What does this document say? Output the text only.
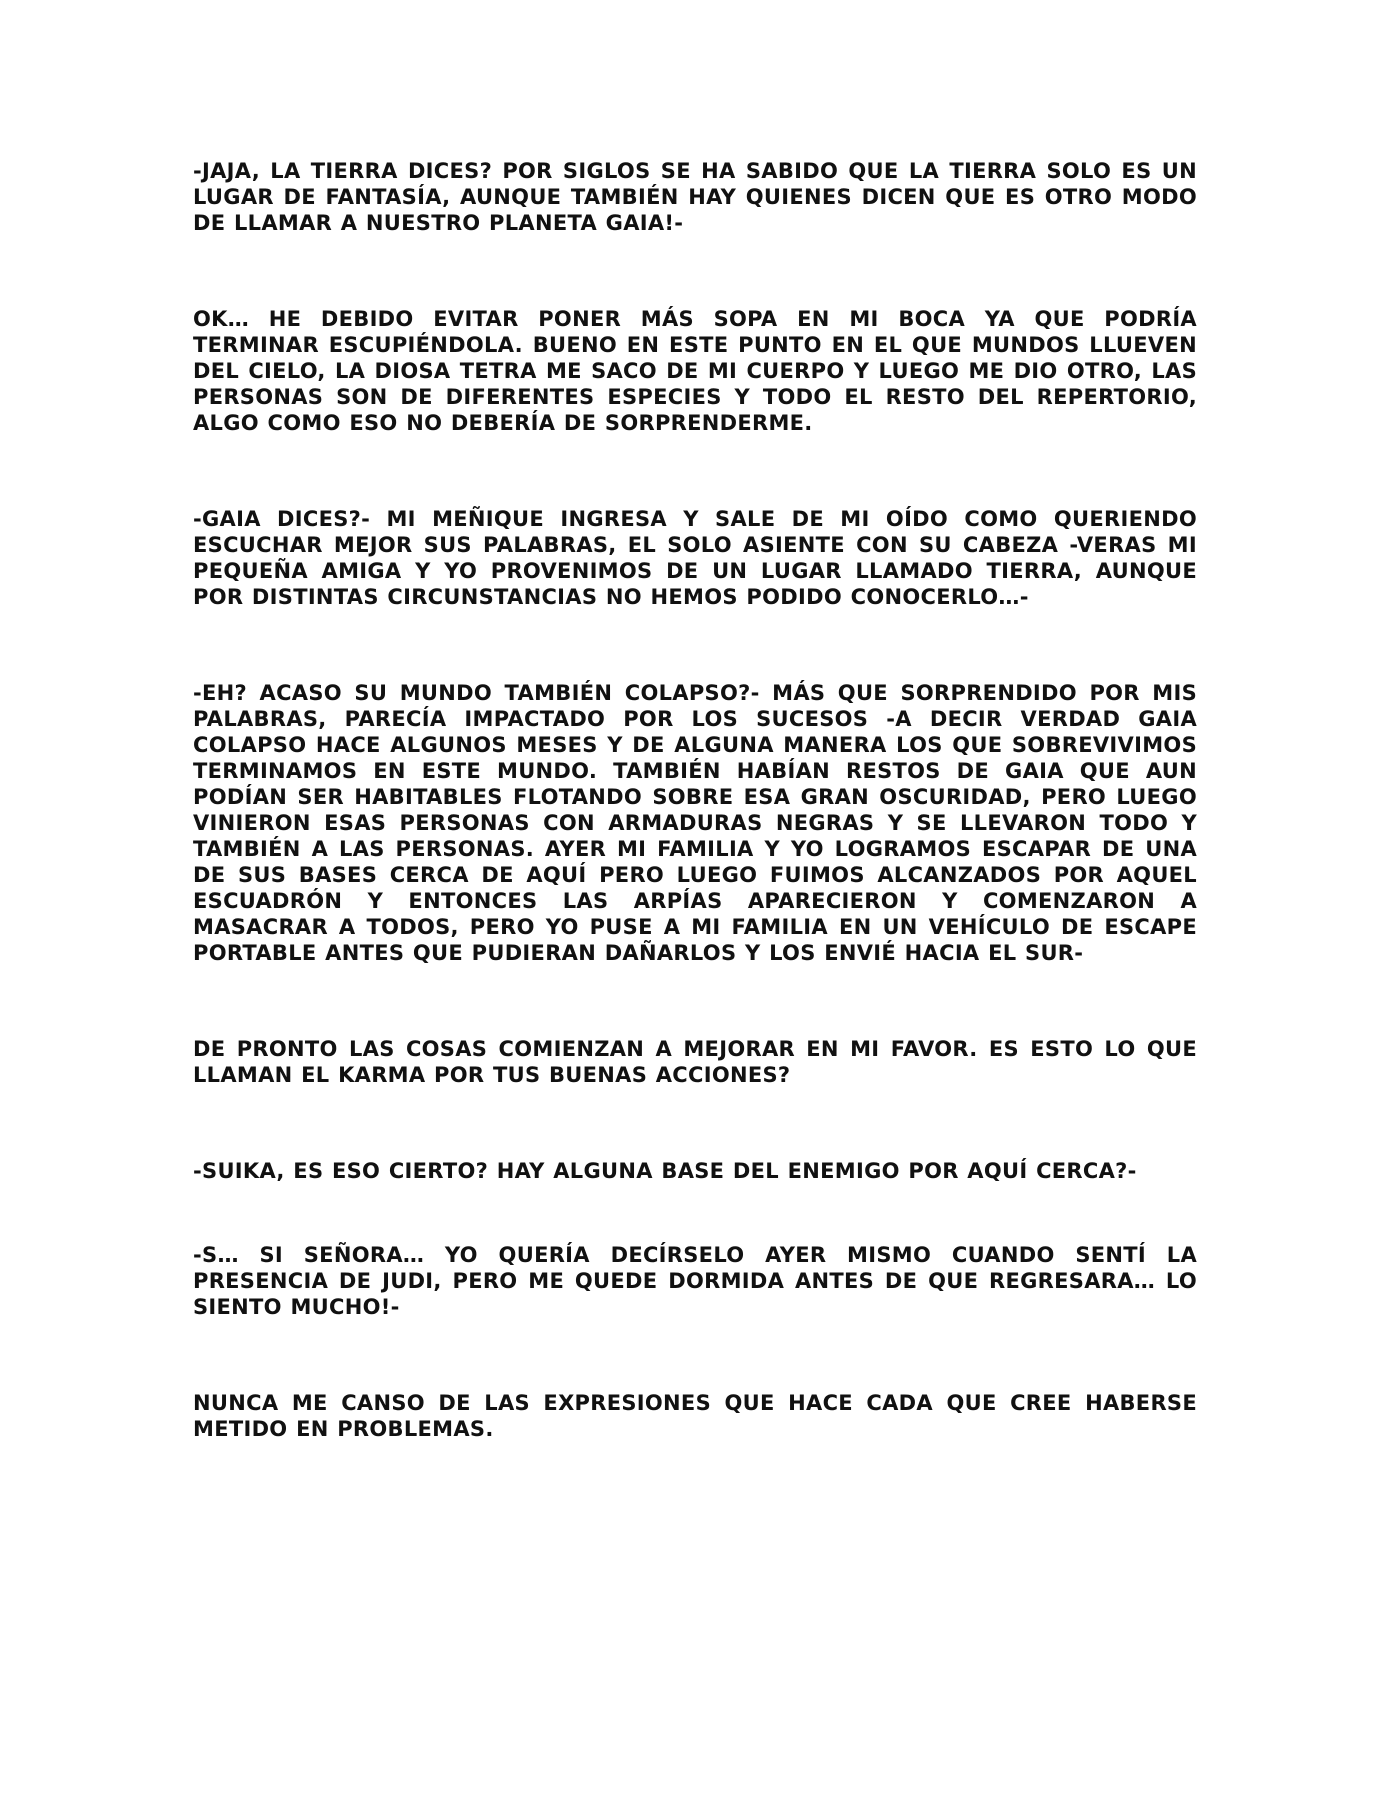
-JAJA, LA TIERRA DICES? POR SIGLOS SE HA SABIDO QUE LA TIERRA SOLO ES UN LUGAR DE FANTASÍA, AUNQUE TAMBIÉN HAY QUIENES DICEN QUE ES OTRO MODO DE LLAMAR A NUESTRO PLANETA GAIA!-

OK… HE DEBIDO EVITAR PONER MÁS SOPA EN MI BOCA YA QUE PODRÍA TERMINAR ESCUPIÉNDOLA. BUENO EN ESTE PUNTO EN EL QUE MUNDOS LLUEVEN DEL CIELO, LA DIOSA TETRA ME SACO DE MI CUERPO Y LUEGO ME DIO OTRO, LAS PERSONAS SON DE DIFERENTES ESPECIES Y TODO EL RESTO DEL REPERTORIO, ALGO COMO ESO NO DEBERÍA DE SORPRENDERME.

-GAIA DICES?- MI MEÑIQUE INGRESA Y SALE DE MI OÍDO COMO QUERIENDO ESCUCHAR MEJOR SUS PALABRAS, EL SOLO ASIENTE CON SU CABEZA -VERAS MI PEQUEÑA AMIGA Y YO PROVENIMOS DE UN LUGAR LLAMADO TIERRA, AUNQUE POR DISTINTAS CIRCUNSTANCIAS NO HEMOS PODIDO CONOCERLO…-

-EH? ACASO SU MUNDO TAMBIÉN COLAPSO?- MÁS QUE SORPRENDIDO POR MIS PALABRAS, PARECÍA IMPACTADO POR LOS SUCESOS -A DECIR VERDAD GAIA COLAPSO HACE ALGUNOS MESES Y DE ALGUNA MANERA LOS QUE SOBREVIVIMOS TERMINAMOS EN ESTE MUNDO. TAMBIÉN HABÍAN RESTOS DE GAIA QUE AUN PODÍAN SER HABITABLES FLOTANDO SOBRE ESA GRAN OSCURIDAD, PERO LUEGO VINIERON ESAS PERSONAS CON ARMADURAS NEGRAS Y SE LLEVARON TODO Y TAMBIÉN A LAS PERSONAS. AYER MI FAMILIA Y YO LOGRAMOS ESCAPAR DE UNA DE SUS BASES CERCA DE AQUÍ PERO LUEGO FUIMOS ALCANZADOS POR AQUEL ESCUADRÓN Y ENTONCES LAS ARPÍAS APARECIERON Y COMENZARON A MASACRAR A TODOS, PERO YO PUSE A MI FAMILIA EN UN VEHÍCULO DE ESCAPE PORTABLE ANTES QUE PUDIERAN DAÑARLOS Y LOS ENVIÉ HACIA EL SUR-

DE PRONTO LAS COSAS COMIENZAN A MEJORAR EN MI FAVOR. ES ESTO LO QUE LLAMAN EL KARMA POR TUS BUENAS ACCIONES?

-SUIKA, ES ESO CIERTO? HAY ALGUNA BASE DEL ENEMIGO POR AQUÍ CERCA?-

-S… SI SEÑORA… YO QUERÍA DECÍRSELO AYER MISMO CUANDO SENTÍ LA PRESENCIA DE JUDI, PERO ME QUEDE DORMIDA ANTES DE QUE REGRESARA… LO SIENTO MUCHO!-

NUNCA ME CANSO DE LAS EXPRESIONES QUE HACE CADA QUE CREE HABERSE METIDO EN PROBLEMAS.
